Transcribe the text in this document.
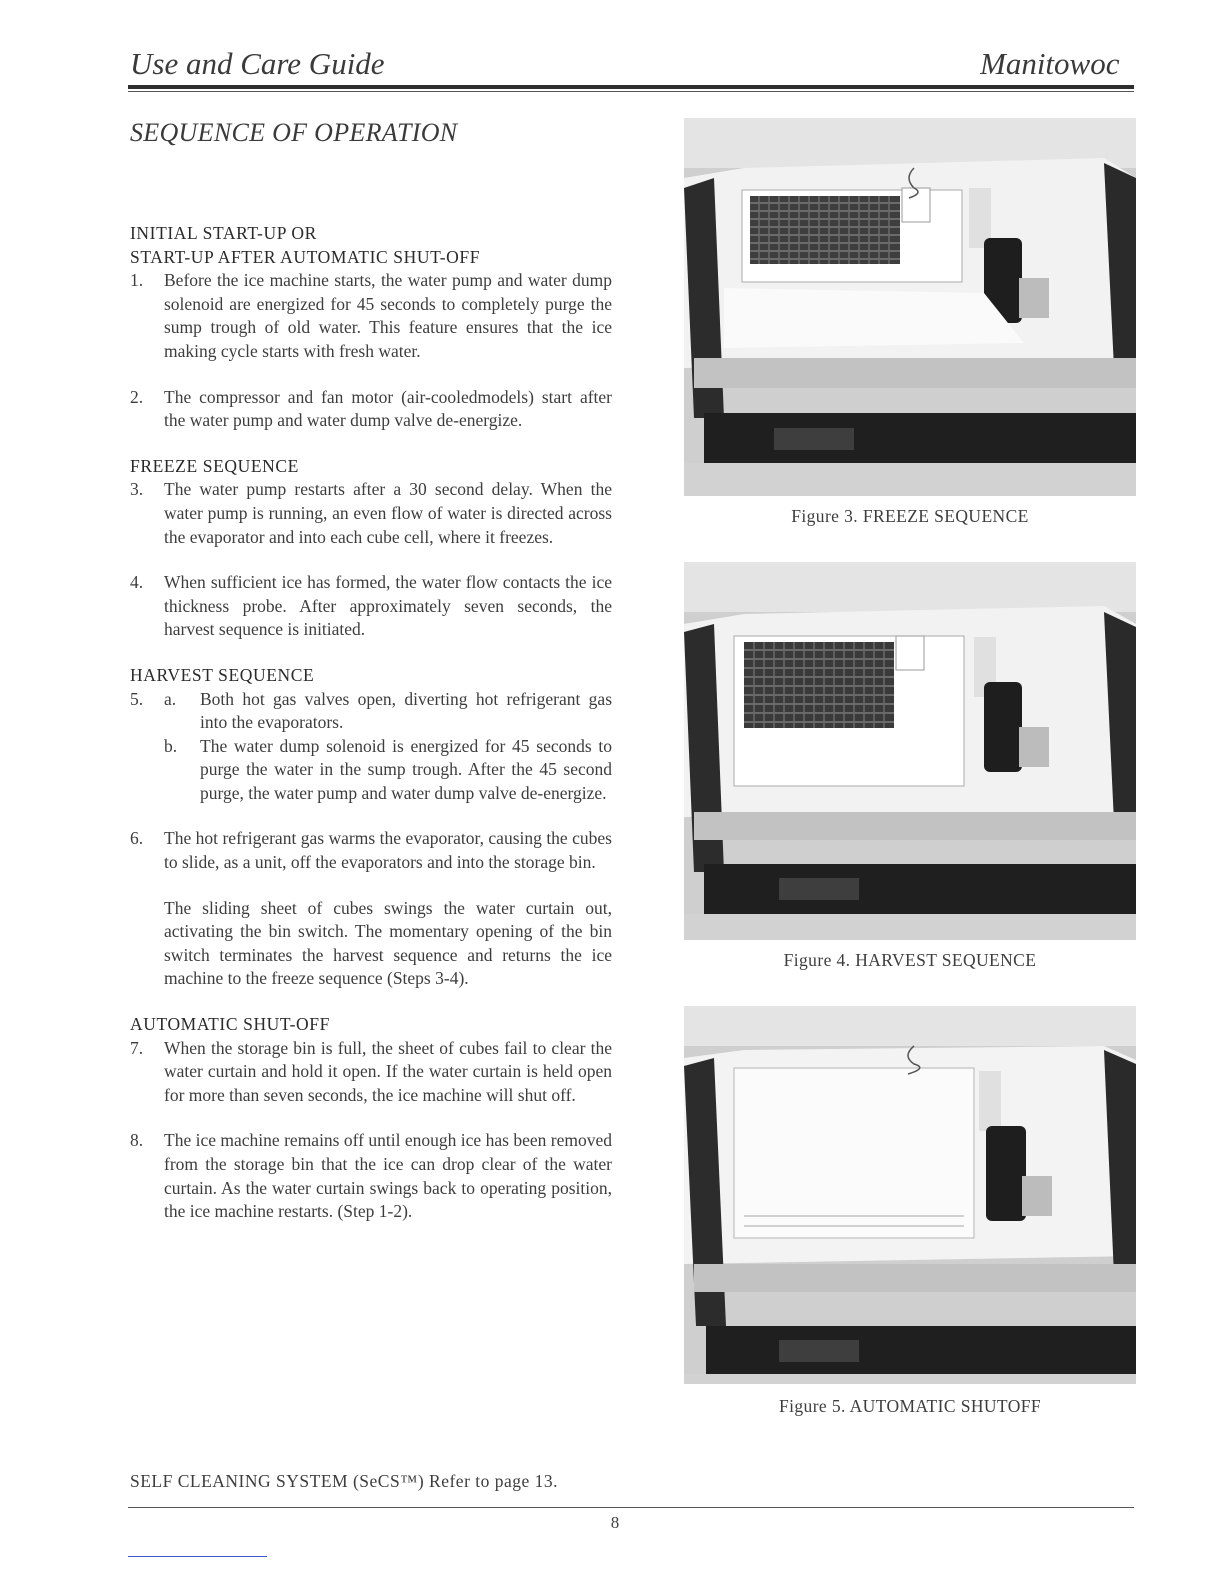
Use and Care Guide	Manitowoc
SEQUENCE OF OPERATION
INITIAL START-UP OR
START-UP AFTER AUTOMATIC SHUT-OFF
1.	Before the ice machine starts, the water pump and water dump solenoid are energized for 45 seconds to completely purge the sump trough of old water. This feature ensures that the ice making cycle starts with fresh water.
2.	The compressor and fan motor (air-cooledmodels) start after the water pump and water dump valve de-energize.
FREEZE SEQUENCE
3.	The water pump restarts after a 30 second delay. When the water pump is running, an even flow of water is directed across the evaporator and into each cube cell, where it freezes.
4.	When sufficient ice has formed, the water flow contacts the ice thickness probe. After approximately seven seconds, the harvest sequence is initiated.
HARVEST SEQUENCE
5.	a.	Both hot gas valves open, diverting hot refrigerant gas into the evaporators.
b.	The water dump solenoid is energized for 45 seconds to purge the water in the sump trough. After the 45 second purge, the water pump and water dump valve de-energize.
6.	The hot refrigerant gas warms the evaporator, causing the cubes to slide, as a unit, off the evaporators and into the storage bin.
The sliding sheet of cubes swings the water curtain out, activating the bin switch. The momentary opening of the bin switch terminates the harvest sequence and returns the ice machine to the freeze sequence (Steps 3-4).
AUTOMATIC SHUT-OFF
7.	When the storage bin is full, the sheet of cubes fail to clear the water curtain and hold it open. If the water curtain is held open for more than seven seconds, the ice machine will shut off.
8.	The ice machine remains off until enough ice has been removed from the storage bin that the ice can drop clear of the water curtain. As the water curtain swings back to operating position, the ice machine restarts. (Step 1-2).
SELF CLEANING SYSTEM (SeCS™) Refer to page 13.
8
Figure 3. FREEZE SEQUENCE
Figure 4. HARVEST SEQUENCE
Figure 5. AUTOMATIC SHUTOFF
